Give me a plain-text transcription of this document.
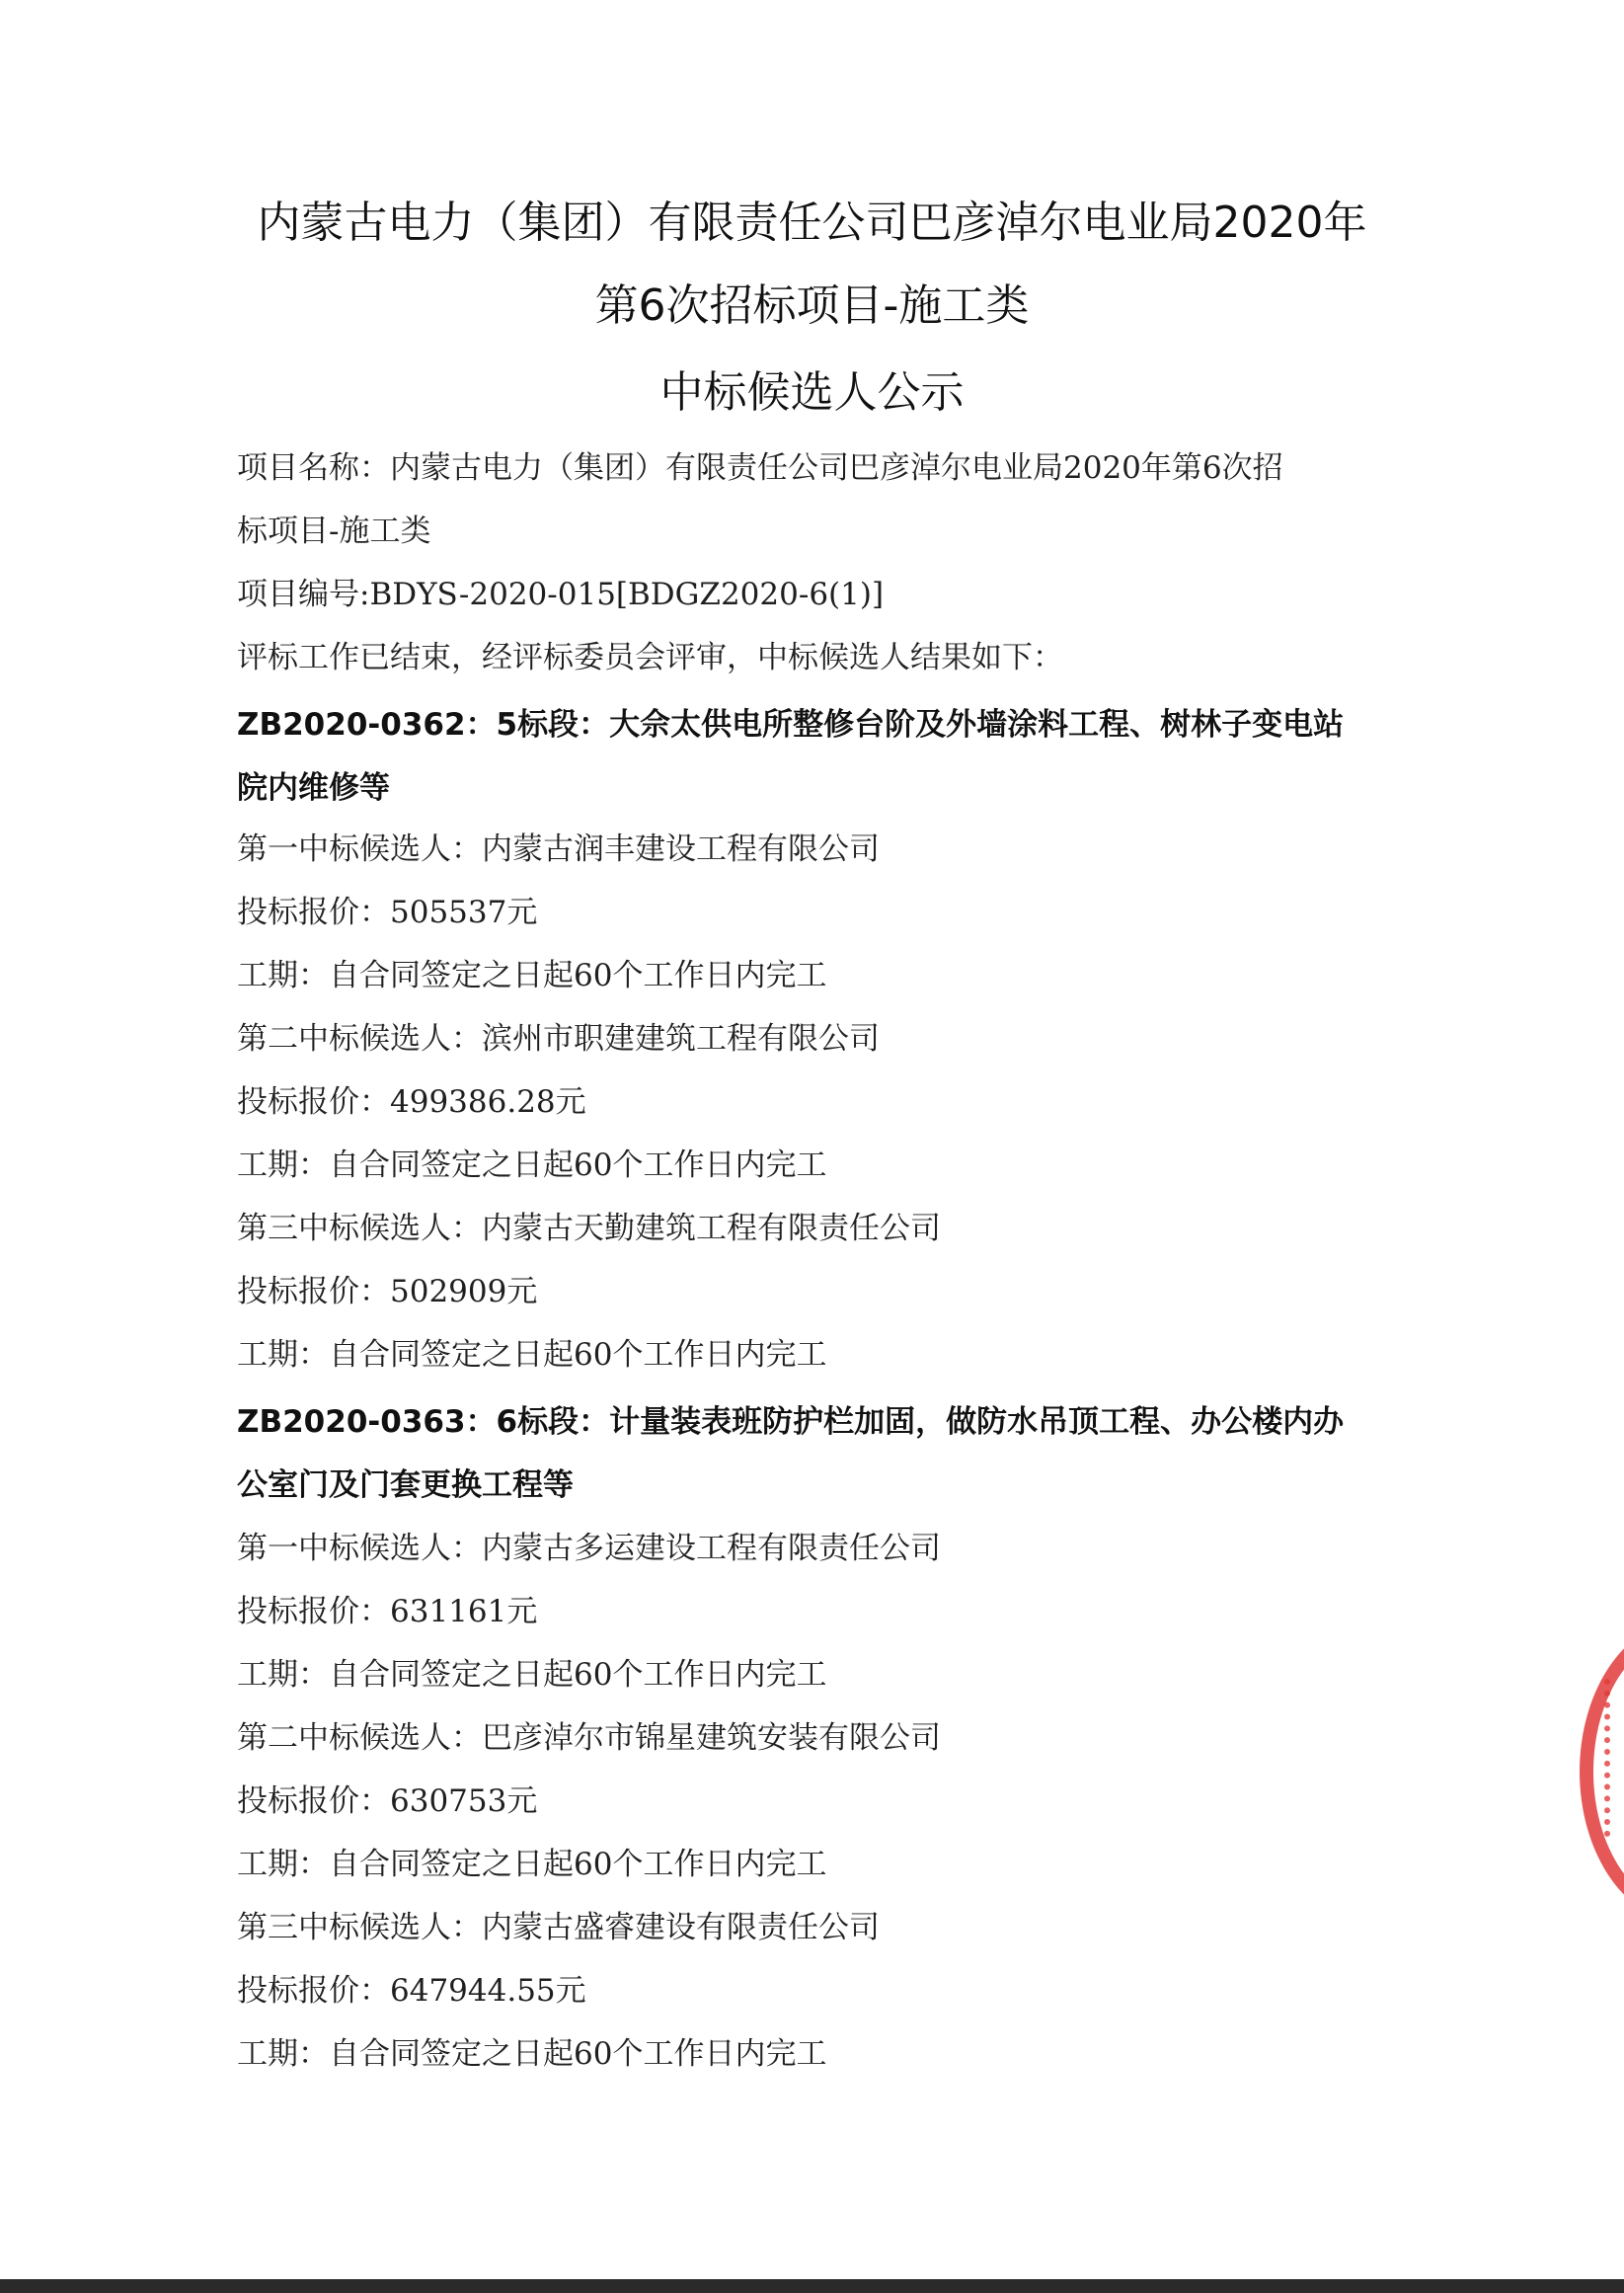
内蒙古电力（集团）有限责任公司巴彦淖尔电业局2020年
第6次招标项目-施工类
中标候选人公示
项目名称：内蒙古电力（集团）有限责任公司巴彦淖尔电业局2020年第6次招
标项目-施工类
项目编号:BDYS-2020-015[BDGZ2020-6(1)]
评标工作已结束，经评标委员会评审，中标候选人结果如下：
ZB2020-0362：5标段：大佘太供电所整修台阶及外墙涂料工程、树林子变电站
院内维修等
第一中标候选人：内蒙古润丰建设工程有限公司
投标报价：505537元
工期：自合同签定之日起60个工作日内完工
第二中标候选人：滨州市职建建筑工程有限公司
投标报价：499386.28元
工期：自合同签定之日起60个工作日内完工
第三中标候选人：内蒙古天勤建筑工程有限责任公司
投标报价：502909元
工期：自合同签定之日起60个工作日内完工
ZB2020-0363：6标段：计量装表班防护栏加固，做防水吊顶工程、办公楼内办
公室门及门套更换工程等
第一中标候选人：内蒙古多运建设工程有限责任公司
投标报价：631161元
工期：自合同签定之日起60个工作日内完工
第二中标候选人：巴彦淖尔市锦星建筑安装有限公司
投标报价：630753元
工期：自合同签定之日起60个工作日内完工
第三中标候选人：内蒙古盛睿建设有限责任公司
投标报价：647944.55元
工期：自合同签定之日起60个工作日内完工
